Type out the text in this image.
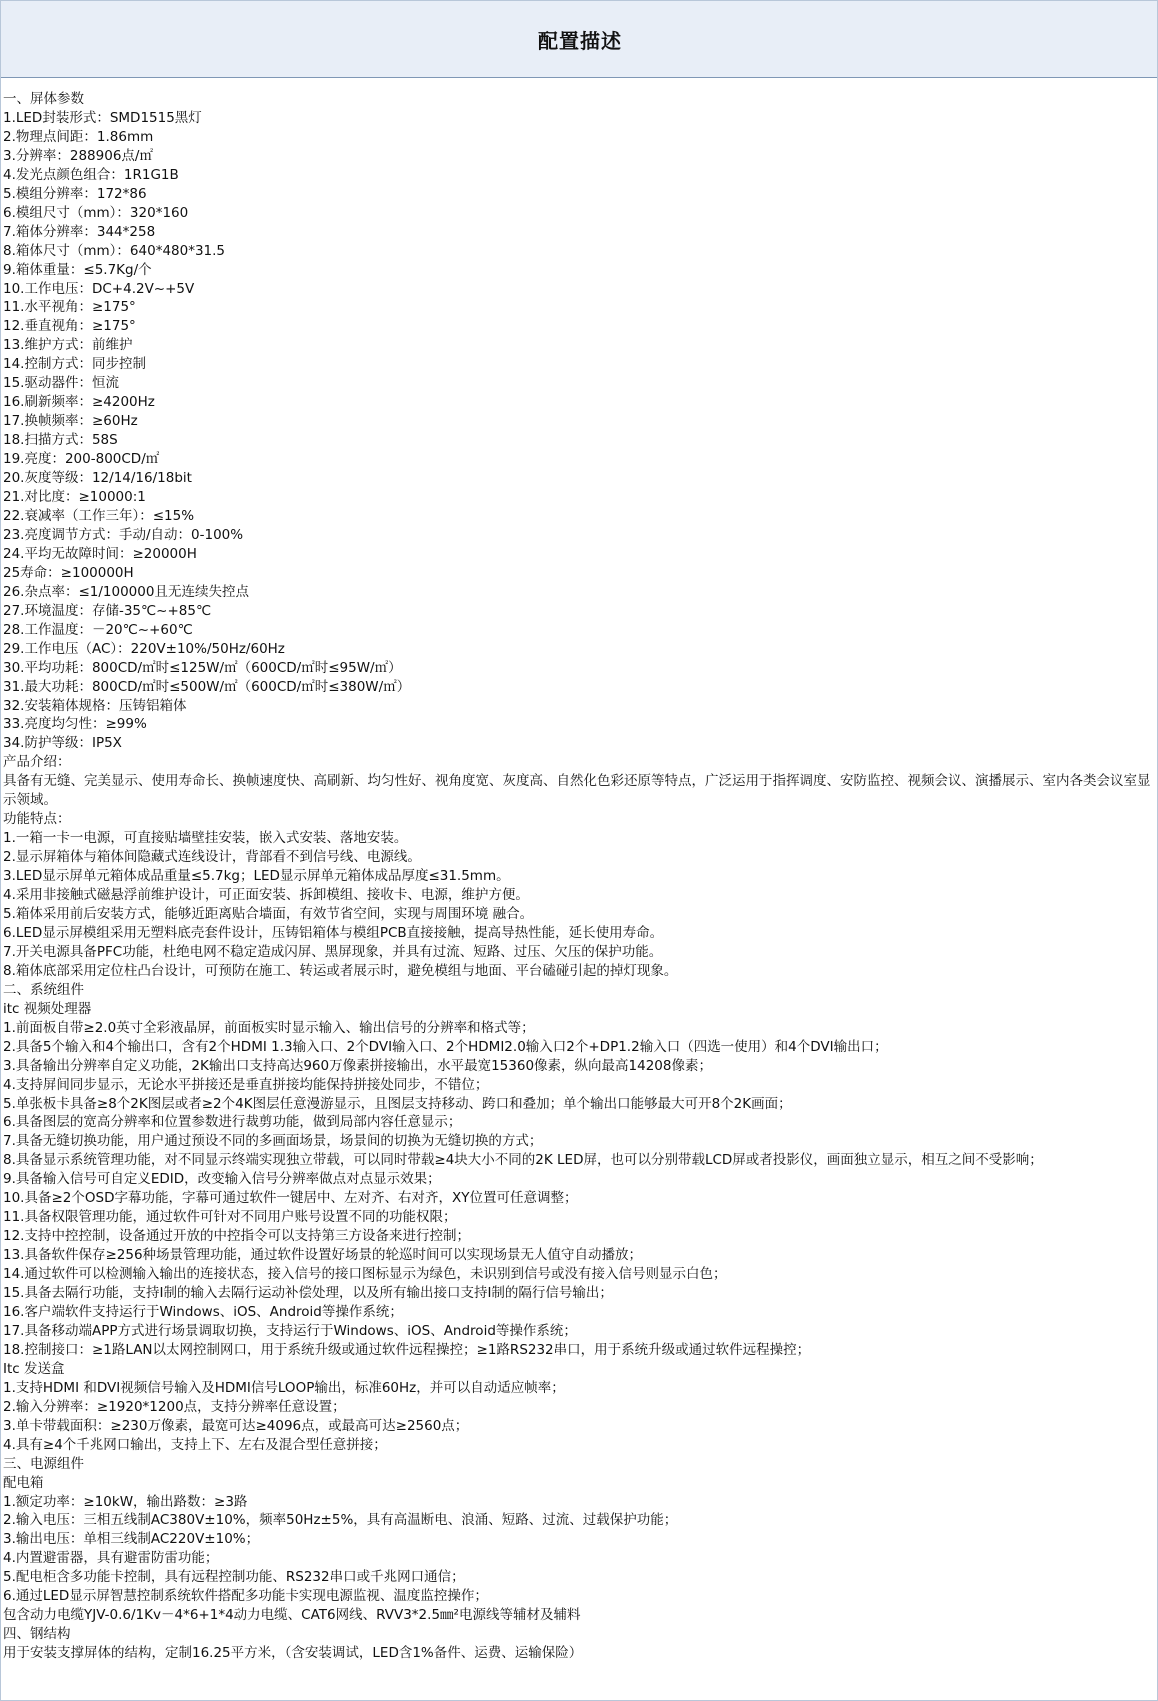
配置描述
一、屏体参数
1.LED封装形式：SMD1515黑灯
2.物理点间距：1.86mm
3.分辨率：288906点/㎡
4.发光点颜色组合：1R1G1B
5.模组分辨率：172*86
6.模组尺寸（mm）：320*160
7.箱体分辨率：344*258
8.箱体尺寸（mm）：640*480*31.5
9.箱体重量：≤5.7Kg/个
10.工作电压：DC+4.2V~+5V
11.水平视角：≥175°
12.垂直视角：≥175°
13.维护方式：前维护
14.控制方式：同步控制
15.驱动器件：恒流
16.刷新频率：≥4200Hz
17.换帧频率：≥60Hz
18.扫描方式：58S
19.亮度：200-800CD/㎡
20.灰度等级：12/14/16/18bit
21.对比度：≥10000:1
22.衰减率（工作三年）：≤15%
23.亮度调节方式：手动/自动：0-100%
24.平均无故障时间：≥20000H
25寿命：≥100000H
26.杂点率：≤1/100000且无连续失控点
27.环境温度：存储-35℃~+85℃
28.工作温度：－20℃~+60℃
29.工作电压（AC）：220V±10%/50Hz/60Hz
30.平均功耗：800CD/㎡时≤125W/㎡（600CD/㎡时≤95W/㎡）
31.最大功耗：800CD/㎡时≤500W/㎡（600CD/㎡时≤380W/㎡）
32.安装箱体规格：压铸铝箱体
33.亮度均匀性：≥99%
34.防护等级：IP5X
产品介绍：
具备有无缝、完美显示、使用寿命长、换帧速度快、高刷新、均匀性好、视角度宽、灰度高、自然化色彩还原等特点，广泛运用于指挥调度、安防监控、视频会议、演播展示、室内各类会议室显示领域。
功能特点：
1.一箱一卡一电源，可直接贴墙壁挂安装，嵌入式安装、落地安装。
2.显示屏箱体与箱体间隐藏式连线设计，背部看不到信号线、电源线。
3.LED显示屏单元箱体成品重量≤5.7kg；LED显示屏单元箱体成品厚度≤31.5mm。
4.采用非接触式磁悬浮前维护设计，可正面安装、拆卸模组、接收卡、电源，维护方便。
5.箱体采用前后安装方式，能够近距离贴合墙面，有效节省空间，实现与周围环境 融合。
6.LED显示屏模组采用无塑料底壳套件设计，压铸铝箱体与模组PCB直接接触，提高导热性能，延长使用寿命。
7.开关电源具备PFC功能，杜绝电网不稳定造成闪屏、黑屏现象，并具有过流、短路、过压、欠压的保护功能。
8.箱体底部采用定位柱凸台设计，可预防在施工、转运或者展示时，避免模组与地面、平台磕碰引起的掉灯现象。
二、系统组件
itc 视频处理器
1.前面板自带≥2.0英寸全彩液晶屏，前面板实时显示输入、输出信号的分辨率和格式等；
2.具备5个输入和4个输出口，含有2个HDMI 1.3输入口、2个DVI输入口、2个HDMI2.0输入口2个+DP1.2输入口（四选一使用）和4个DVI输出口；
3.具备输出分辨率自定义功能，2K输出口支持高达960万像素拼接输出，水平最宽15360像素，纵向最高14208像素；
4.支持屏间同步显示，无论水平拼接还是垂直拼接均能保持拼接处同步，不错位；
5.单张板卡具备≥8个2K图层或者≥2个4K图层任意漫游显示，且图层支持移动、跨口和叠加；单个输出口能够最大可开8个2K画面；
6.具备图层的宽高分辨率和位置参数进行裁剪功能，做到局部内容任意显示；
7.具备无缝切换功能，用户通过预设不同的多画面场景，场景间的切换为无缝切换的方式；
8.具备显示系统管理功能，对不同显示终端实现独立带载，可以同时带载≥4块大小不同的2K LED屏，也可以分别带载LCD屏或者投影仪，画面独立显示，相互之间不受影响；
9.具备输入信号可自定义EDID，改变输入信号分辨率做点对点显示效果；
10.具备≥2个OSD字幕功能，字幕可通过软件一键居中、左对齐、右对齐，XY位置可任意调整；
11.具备权限管理功能，通过软件可针对不同用户账号设置不同的功能权限；
12.支持中控控制，设备通过开放的中控指令可以支持第三方设备来进行控制；
13.具备软件保存≥256种场景管理功能，通过软件设置好场景的轮巡时间可以实现场景无人值守自动播放；
14.通过软件可以检测输入输出的连接状态，接入信号的接口图标显示为绿色，未识别到信号或没有接入信号则显示白色；
15.具备去隔行功能，支持I制的输入去隔行运动补偿处理，以及所有输出接口支持I制的隔行信号输出；
16.客户端软件支持运行于Windows、iOS、Android等操作系统；
17.具备移动端APP方式进行场景调取切换，支持运行于Windows、iOS、Android等操作系统；
18.控制接口：≥1路LAN以太网控制网口，用于系统升级或通过软件远程操控；≥1路RS232串口，用于系统升级或通过软件远程操控；
Itc 发送盒
1.支持HDMI 和DVI视频信号输入及HDMI信号LOOP输出，标准60Hz，并可以自动适应帧率；
2.输入分辨率：≥1920*1200点，支持分辨率任意设置；
3.单卡带载面积：≥230万像素，最宽可达≥4096点，或最高可达≥2560点；
4.具有≥4个千兆网口输出，支持上下、左右及混合型任意拼接；
三、电源组件
配电箱
1.额定功率：≥10kW，输出路数：≥3路
2.输入电压：三相五线制AC380V±10%，频率50Hz±5%，具有高温断电、浪涌、短路、过流、过载保护功能；
3.输出电压：单相三线制AC220V±10%；
4.内置避雷器，具有避雷防雷功能；
5.配电柜含多功能卡控制，具有远程控制功能、RS232串口或千兆网口通信；
6.通过LED显示屏智慧控制系统软件搭配多功能卡实现电源监视、温度监控操作；
包含动力电缆YJV-0.6/1Kv－4*6+1*4动力电缆、CAT6网线、RVV3*2.5㎜²电源线等辅材及辅料
四、钢结构
用于安装支撑屏体的结构，定制16.25平方米，（含安装调试，LED含1%备件、运费、运输保险）
